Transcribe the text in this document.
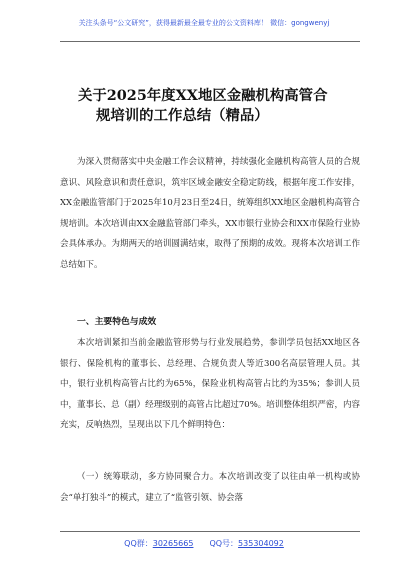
关注头条号“公文研究”，获得最新最全最专业的公文资料库！ 微信：gongwenyj
关于2025年度XX地区金融机构高管合
规培训的工作总结（精品）

为深入贯彻落实中央金融工作会议精神，持续强化金融机构高管人员的合规意识、风险意识和责任意识，筑牢区域金融安全稳定防线，根据年度工作安排，XX金融监管部门于2025年10月23日至24日，统筹组织XX地区金融机构高管合规培训。本次培训由XX金融监管部门牵头，XX市银行业协会和XX市保险行业协会具体承办。为期两天的培训圆满结束，取得了预期的成效。现将本次培训工作总结如下。

一、主要特色与成效

本次培训紧扣当前金融监管形势与行业发展趋势，参训学员包括XX地区各银行、保险机构的董事长、总经理、合规负责人等近300名高层管理人员。其中，银行业机构高管占比约为65%，保险业机构高管占比约为35%；参训人员中，董事长、总（副）经理级别的高管占比超过70%。培训整体组织严密，内容充实，反响热烈，呈现出以下几个鲜明特色：

（一）统筹联动，多方协同聚合力。本次培训改变了以往由单一机构或协会“单打独斗”的模式，建立了“监管引领、协会落

QQ群：30265665 QQ号：535304092
